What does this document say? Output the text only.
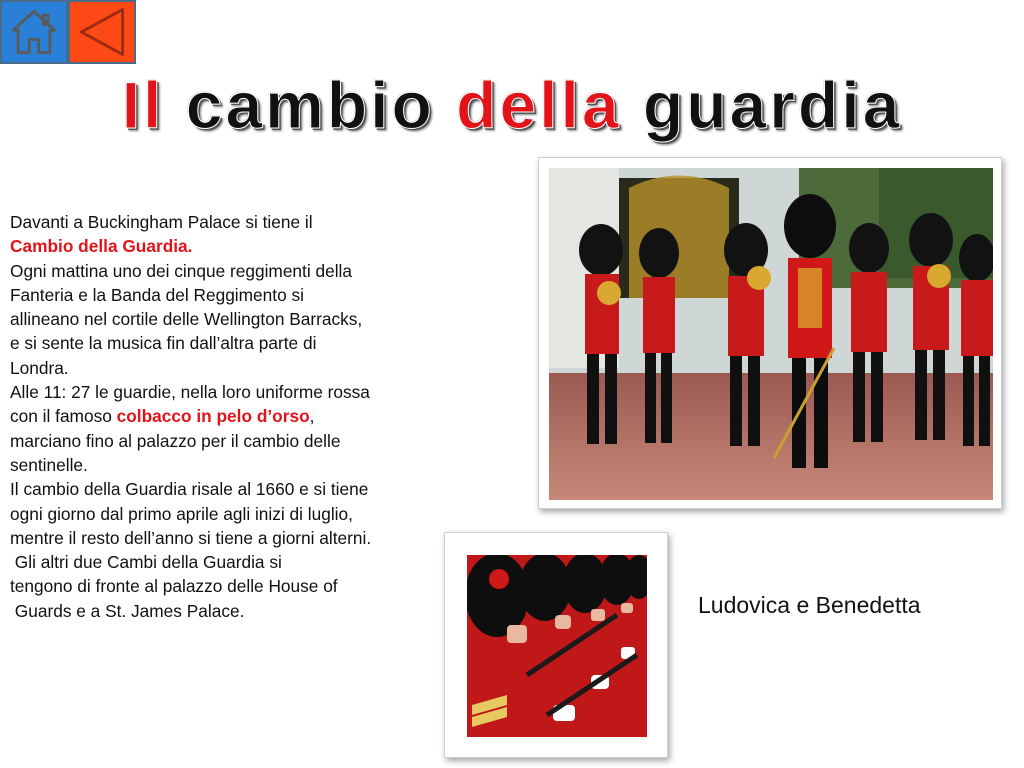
Il cambio della guardia
Davanti a Buckingham Palace si tiene il
Cambio della Guardia.
Ogni mattina uno dei cinque reggimenti della
Fanteria e la Banda del Reggimento si
allineano nel cortile delle Wellington Barracks,
e si sente la musica fin dall’altra parte di
Londra.
Alle 11: 27 le guardie, nella loro uniforme rossa
con il famoso colbacco in pelo d’orso,
marciano fino al palazzo per il cambio delle
sentinelle.
Il cambio della Guardia risale al 1660 e si tiene
ogni giorno dal primo aprile agli inizi di luglio,
mentre il resto dell’anno si tiene a giorni alterni.
Gli altri due Cambi della Guardia si
tengono di fronte al palazzo delle House of
Guards e a St. James Palace.	Ludovica e Benedetta
